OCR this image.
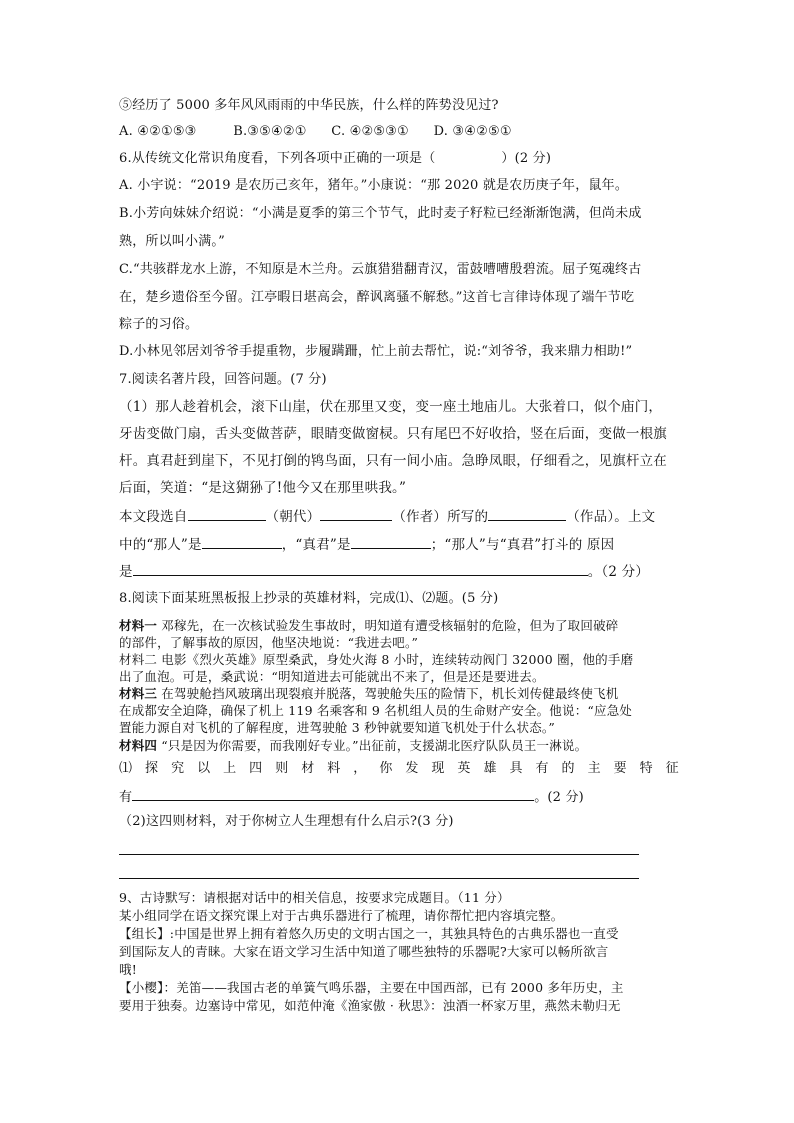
⑤经历了 5000 多年风风雨雨的中华民族，什么样的阵势没见过?
A. ④②①⑤③	B.③⑤④②① C. ④②⑤③① D. ③④②⑤①
6.从传统文化常识角度看，下列各项中正确的一项是（	）(2 分)
A. 小宇说：“2019 是农历己亥年，猪年。”小康说：“那 2020 就是农历庚子年，鼠年。
B.小芳向妹妹介绍说：“小满是夏季的第三个节气，此时麦子籽粒已经渐渐饱满，但尚未成
熟，所以叫小满。”
C.“共骇群龙水上游，不知原是木兰舟。云旗猎猎翻青汉，雷鼓嘈嘈殷碧流。屈子冤魂终古
在，楚乡遗俗至今留。江亭暇日堪高会，醉讽离骚不解愁。”这首七言律诗体现了端午节吃
粽子的习俗。
D.小林见邻居刘爷爷手提重物，步履蹒跚，忙上前去帮忙，说:“刘爷爷，我来鼎力相助!”
7.阅读名著片段，回答问题。(7 分)
（1）那人趁着机会，滚下山崖，伏在那里又变，变一座土地庙儿。大张着口，似个庙门，
牙齿变做门扇，舌头变做菩萨，眼睛变做窗棂。只有尾巴不好收拾，竖在后面，变做一根旗
杆。真君赶到崖下，不见打倒的鸨鸟面，只有一间小庙。急睁凤眼，仔细看之，见旗杆立在
后面，笑道：“是这猢狲了!他今又在那里哄我。”
本文段选自	（朝代）	（作者）所写的	（作品）。上文
中的“那人”是	，“真君”是	；“那人”与“真君”打斗的 原因
是	。（2 分）
8.阅读下面某班黑板报上抄录的英雄材料，完成⑴、⑵题。(5 分)
材料一 邓稼先，在一次核试验发生事故时，明知道有遭受核辐射的危险，但为了取回破碎
的部件，了解事故的原因，他坚决地说：“我进去吧。”
材料二 电影《烈火英雄》原型桑武，身处火海 8 小时，连续转动阀门 32000 圈，他的手磨
出了血泡。可是，桑武说：“明知道进去可能就出不来了，但是还是要进去。
材料三 在驾驶舱挡风玻璃出现裂痕并脱落，驾驶舱失压的险情下，机长刘传健最终使飞机
在成都安全迫降，确保了机上 119 名乘客和 9 名机组人员的生命财产安全。他说：“应急处
置能力源自对飞机的了解程度，进驾驶舱 3 秒钟就要知道飞机处于什么状态。”
材料四 “只是因为你需要，而我刚好专业。”出征前，支援湖北医疗队队员王一淋说。
⑴ 探 究 以 上 四 则 材 料 ， 你 发 现 英 雄 具 有 的 主 要 特 征
有	。(2 分)
（2)这四则材料，对于你树立人生理想有什么启示?(3 分)
9、古诗默写：请根据对话中的相关信息，按要求完成题目。（11 分）
某小组同学在语文探究课上对于古典乐器进行了梳理，请你帮忙把内容填完整。
【组长】:中国是世界上拥有着悠久历史的文明古国之一，其独具特色的古典乐器也一直受
到国际友人的青睐。大家在语文学习生活中知道了哪些独特的乐器呢?大家可以畅所欲言
哦!
【小樱】：羌笛——我国古老的单簧气鸣乐器，主要在中国西部，已有 2000 多年历史，主
要用于独奏。边塞诗中常见，如范仲淹《渔家傲 · 秋思》：浊酒一杯家万里，燕然未勒归无
